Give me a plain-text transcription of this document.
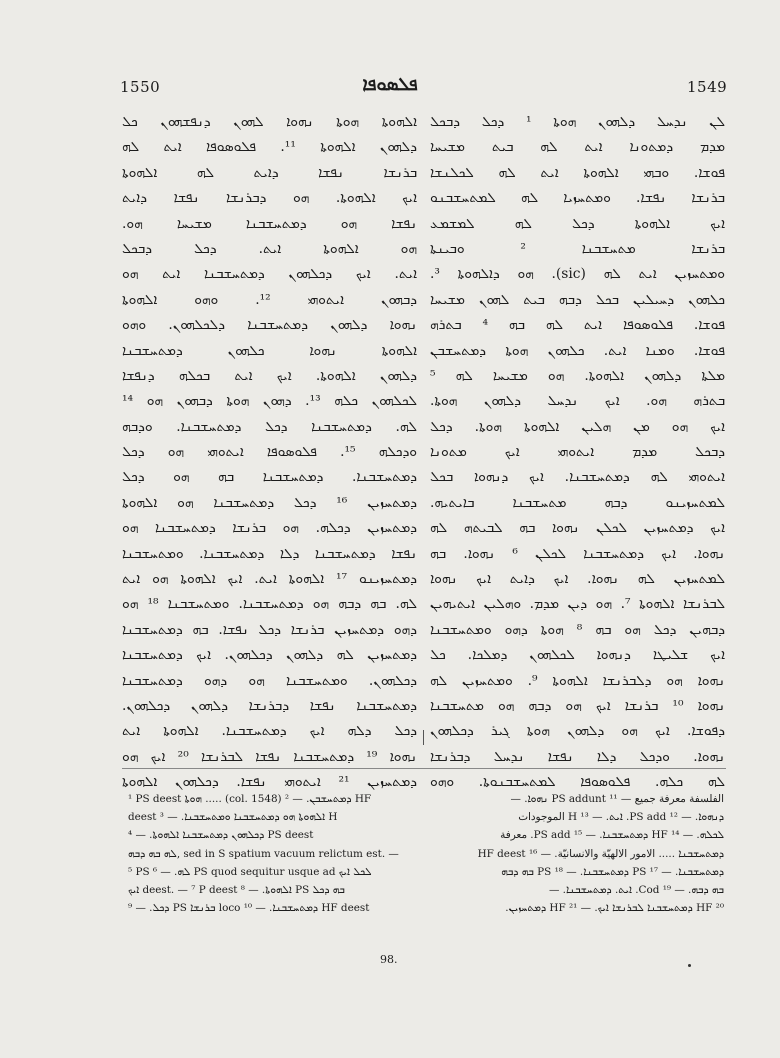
1550	ܦܠܣܘܦܐ	1549
ܠܢ ܢܕܚܠ ܕܠܗܘܢ ܗܘܬܐ ¹ ܕܟܠ ܕܒܟܠ
ܡܕܡ ܕܡܬܘܢܐ ܐܝܬ ܠܗ ܒܝܬ ܡܫܝܚܐ
ܦܘܫܐ. ܘܒܗܝ ܐܠܗܘܬܐ ܐܝܬ ܠܗ ܠܟܠܢܫܐ
ܒܪܢܫܐ ܢܦܫܐ. ܘܡܬܚܙܝܐ ܠܗ ܠܡܬܚܫܒܢܘ
ܐܝܟ ܐܠܗܘܬܐ ܕܟܠ ܠܗ ܠܡܫܡܥ
ܒܪܢܫܐ ܡܬܚܫܒܢܐ ² ܘܒܝܢܬܐ
ܘܡܬܚܙܝܢ ܐܝܬ ܠܗ (sic). ܗܘ ܕܐܠܗܘܬܐ ³.
ܟܠܗܘܢ ܕܚܝܠܝܢ ܒܟܠ ܕܒܗ ܒܝܬ ܠܗܘܢ ܡܫܝܚܐ
ܦܘܫܐ. ܦܠܘܣܘܦܐ ܐܝܬ ܠܗ ܒܗ ⁴ ܒܬܪܗ
ܦܘܫܐ. ܘܡܢܐ ܐܝܬ. ܟܠܗܘܢ ܗܘܬܐ ܕܡܬܚܫܒܢ
ܡܠܬܐ ܕܠܗܘܢ ܐܠܗܘܬܐ. ܗܘ ܡܫܝܚܐ ܠܗ ⁵
ܒܬܪܗ ܗܘ. ܐܝܟ ܢܕܚܠ ܕܠܗܘܢ ܗܘܬܐ.
ܐܝܟ ܗܘ ܡܢ ܗܠܝܢ ܐܠܗܘܬܐ ܗܘܬܐ. ܕܟܠ
ܕܒܟܠ ܡܕܡ ܐܝܬܘܗܝ ܐܝܟ ܡܬܘܢܐ
ܐܝܬܘܗܝ ܠܗ ܕܡܬܚܫܒܢܐ. ܐܝܟ ܕܢܗܘܐ ܒܟܠ
ܠܡܬܚܙܝܢܘ ܕܒܗ ܡܬܚܫܒܢܐ ܒܐܝܬܝܗ.
ܐܝܟ ܕܡܬܚܙܝܢ ܠܟܠܢ ܢܗܘܐ ܒܗ ܠܒܝܬܗ ܠܗ
ܢܗܘܐ. ܐܝܟ ܕܡܬܚܫܒܢܐ ܠܟܠܢ ⁶ ܢܗܘܐ. ܒܗ
ܠܡܬܚܙܝܢ ܠܗ ܢܗܘܐ. ܐܝܟ ܕܐܝܬ ܐܝܟ ܢܗܘܐ
ܠܒܪܢܫܐ ܐܠܗܘܬܐ ⁷. ܗܘ ܕܝܢ ܡܕܡ. ܘܗܠܝܢ ܐܝܬܝܗܝܢ
ܕܒܗܝܢ ܕܟܠ ܗܘ ܒܗ ⁸ ܗܘܬܐ ܕܗܘ ܘܡܬܚܫܒܢܐ
ܐܝܟ ܫܠܝܛܐ ܕܢܗܘܐ ܠܟܠܗܘܢ ܕܡܠܟܐ. ܟܠ
ܢܗܘܐ ܗܘ ܕܠܒܪܢܫܐ ܐܠܗܘܬܐ ⁹. ܘܡܬܚܙܝܢ ܠܗ
ܢܗܘܐ ¹⁰ ܒܪܢܫܐ ܐܝܟ ܗܘ ܕܒܗ ܗܘ ܡܬܚܫܒܢܐ
ܕܦܘܫܐ. ܐܝܟ ܗܘ ܕܠܗܘܢ ܗܘܬܐ ܓܝܪ ܕܟܠܗܘܢ
ܢܗܘܐ. ܘܕܟܠ ܕܠܐ ܢܦܫܐ ܢܕܚܠ ܕܒܪܢܫܐ
ܠܗ ܟܠܗ. ܦܠܘܣܘܦܐ ܠܡܬܚܫܒܢܘܬܐ. ܘܗܘ
ܐܠܗܘܬܐ ܗܘܬܐ ܢܗܘܐ ܠܗܘܢ ܕܢܦܫܗܘܢ ܟܠ
ܕܠܗܘܢ ܐܠܗܘܬܐ ¹¹. ܦܠܘܣܘܦܐ ܐܝܬ ܠܗ
ܒܪܢܫܐ ܢܦܫܐ ܕܐܝܬ ܠܗ ܐܠܗܘܬܐ
ܐܝܟ ܐܠܗܘܬܐ. ܗܘ ܕܒܪܢܫܐ ܢܦܫܐ ܕܐܝܬ
ܢܦܫܐ ܗܘ ܕܡܬܚܫܒܢܐ ܡܫܝܚܐ ܗܘ.
ܗܘ ܐܠܗܘܬܐ ܐܝܬ. ܕܟܠ ܕܒܟܠ
ܐܝܬ. ܐܝܟ ܕܟܠܗܘܢ ܕܡܬܚܫܒܢܐ ܐܝܬ ܗܘ
ܕܒܗܘܢ ܐܝܬܘܗܝ ¹². ܘܗܘ ܐܠܗܘܬܐ
ܢܗܘܐ ܕܠܗܘܢ ܕܡܬܚܫܒܢܐ ܕܠܟܠܗܘܢ. ܘܗܘ
ܐܠܗܘܬܐ ܢܗܘܐ ܟܠܗܘܢ ܕܡܬܚܫܒܢܐ
ܕܠܗܘܢ ܐܠܗܘܬܐ. ܐܝܟ ܐܝܬ ܒܟܠܗ ܕܢܦܫܐ
ܠܟܠܗܘܢ ܟܠܗ ¹³. ܕܗܘܢ ܗܘܬܐ ܕܒܗܘܢ ܗܘ ¹⁴
ܠܗ. ܕܡܬܚܫܒܢܐ ܕܟܠ ܕܡܬܚܫܒܢܐ. ܘܕܒܗ
ܘܕܟܠܗ ¹⁵. ܦܠܘܣܘܦܐ ܐܝܬܘܗܝ ܗܘ ܕܟܠ
ܕܡܬܚܫܒܢܐ. ܕܡܬܚܫܒܢܐ ܒܗ ܗܘ ܕܟܠ
ܕܡܬܚܙܝܢ ¹⁶ ܕܟܠ ܕܡܬܚܫܒܢܐ ܗܘ ܐܠܗܘܬܐ
ܕܡܬܚܙܝܢ ܕܟܠܗ. ܗܘ ܒܪܢܫܐ ܕܡܬܚܫܒܢܐ ܗܘ
ܢܦܫܐ ܕܡܬܚܫܒܢܐ ܕܠܐ ܕܡܬܚܫܒܢܐ. ܘܡܬܚܫܒܢܐ
ܕܡܬܚܙܝܢܘ ¹⁷ ܐܠܗܘܬܐ ܐܝܬ. ܐܝܟ ܐܠܗܘܬܐ ܗܘ ܐܝܬ
ܠܗ. ܒܗ ܕܒܗ ܗܘ ܕܡܬܚܫܒܢܐ. ܘܡܬܚܫܒܢܐ ¹⁸ ܗܘ
ܕܗܘ ܕܡܬܚܙܝܢ ܒܪܢܫܐ ܕܟܠ ܢܦܫܐ. ܒܗ ܕܡܬܚܫܒܢܐ
ܕܡܬܚܙܝܢ ܠܗ ܕܠܗܘܢ ܕܟܠܗܘܢ. ܐܝܟ ܕܡܬܚܫܒܢܐ
ܕܟܠܗܘܢ. ܘܡܬܚܫܒܢܐ ܗܘ ܕܗܘ ܕܡܬܚܫܒܢܐ
ܕܡܬܚܫܒܢܐ ܢܦܫܐ ܕܒܪܢܫܐ ܕܠܗܘܢ ܕܟܠܗܘܢ.
ܕܟܠ ܕܠܗ ܐܝܟ ܕܡܬܚܫܒܢܐ. ܐܠܗܘܬܐ ܐܝܬ
ܢܗܘܐ ¹⁹ ܕܡܬܚܫܒܢܐ ܢܦܫܐ ܠܒܪܢܫܐ ²⁰ ܐܝܟ ܗܘ
ܕܡܬܚܙܝܢ ²¹ ܐܝܬܘܗܝ ܢܦܫܐ. ܕܟܠܗܘܢ ܐܠܗܘܬܐ
¹ PS deest ܗܘܬܐ ..... (col. 1548) ܕܡܬܚܫܒܢ. — ² HF
deest ܐܠܗܘܬܐ ܗܘ ܕܡܬܚܫܒܢܐ ܘܡܬܚܫܒܢܐ. — ³ H
ܕܟܠܗܘܢ ܕܡܬܚܫܒܢܐ ܐܠܗܘܬܐ. — ⁴ PS deest
ܠܗ ܒܗ ܕܒܗ, sed in S spatium vacuum relictum est. —
⁵ PS ܠܗ. — ⁶ PS quod sequitur usque ad ܠܟܠ ܐܝܟ
ܐܝܟ deest. — ⁷ P deest ܐܠܗܘܬܐ. — ⁸ PS ܒܗ ܕܟܠ
ܕܟܠ. — ⁹ PS ܒܪܢܫܐ loco ܕܡܬܚܫܒܢܐ. — ¹⁰ HF deest
الفلسفة معرفة جميع — ¹¹ PS addunt ܢܗܘܐ. —
ܕܢܗܘܐ. — ¹² PS add. ܐܝܬ. — ¹³ H الموجودات
ܠܟܠܗ. — ¹⁴ HF ܕܡܬܚܫܒܢܐ. — ¹⁵ PS add. معرفة
ܕܡܬܚܫܒܢܐ ..... الامور الالهيّة والانسانيّة. — ¹⁶ HF deest
ܕܡܬܚܫܒܢܐ. — ¹⁷ PS ܕܡܬܚܫܒܢܐ. — ¹⁸ PS ܒܗ ܕܒܗ
ܒܗ ܕܒܗ. — ¹⁹ Cod. ܐܝܬ. ܕܡܬܚܫܒܢܐ. —
²⁰ HF ܕܡܬܚܫܒܢܐ ܠܒܪܢܫܐ ܐܝܟ. — ²¹ HF ܕܡܬܚܙܝܢ.
98.
